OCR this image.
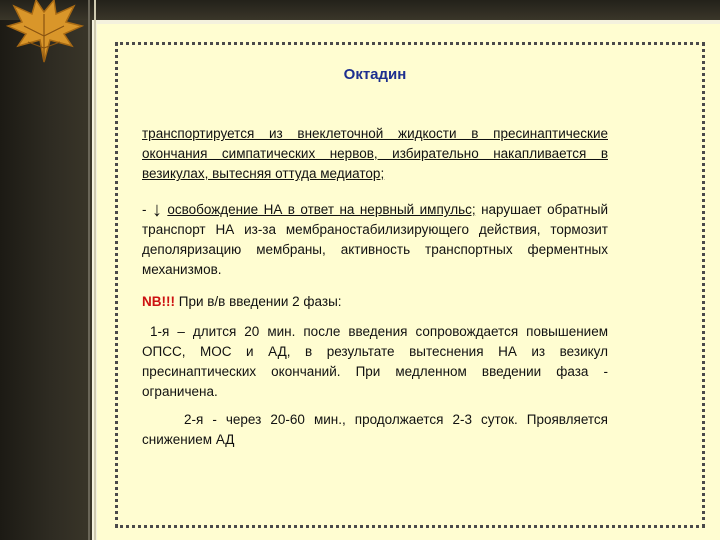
Октадин

транспортируется из внеклеточной жидкости в пресинаптические окончания симпатических нервов, избирательно накапливается в везикулах, вытесняя оттуда медиатор;

- ↓ освобождение НА в ответ на нервный импульс; нарушает обратный транспорт НА из-за мембраностабилизирующего действия, тормозит деполяризацию мембраны, активность транспортных ферментных механизмов.

NB!!! При в/в введении 2 фазы:

1-я – длится 20 мин. после введения сопровождается повышением ОПСС, МОС и АД, в результате вытеснения НА из везикул пресинаптических окончаний. При медленном введении фаза - ограничена.

2-я - через 20‑60 мин., продолжается 2‑3 суток. Проявляется снижением АД
